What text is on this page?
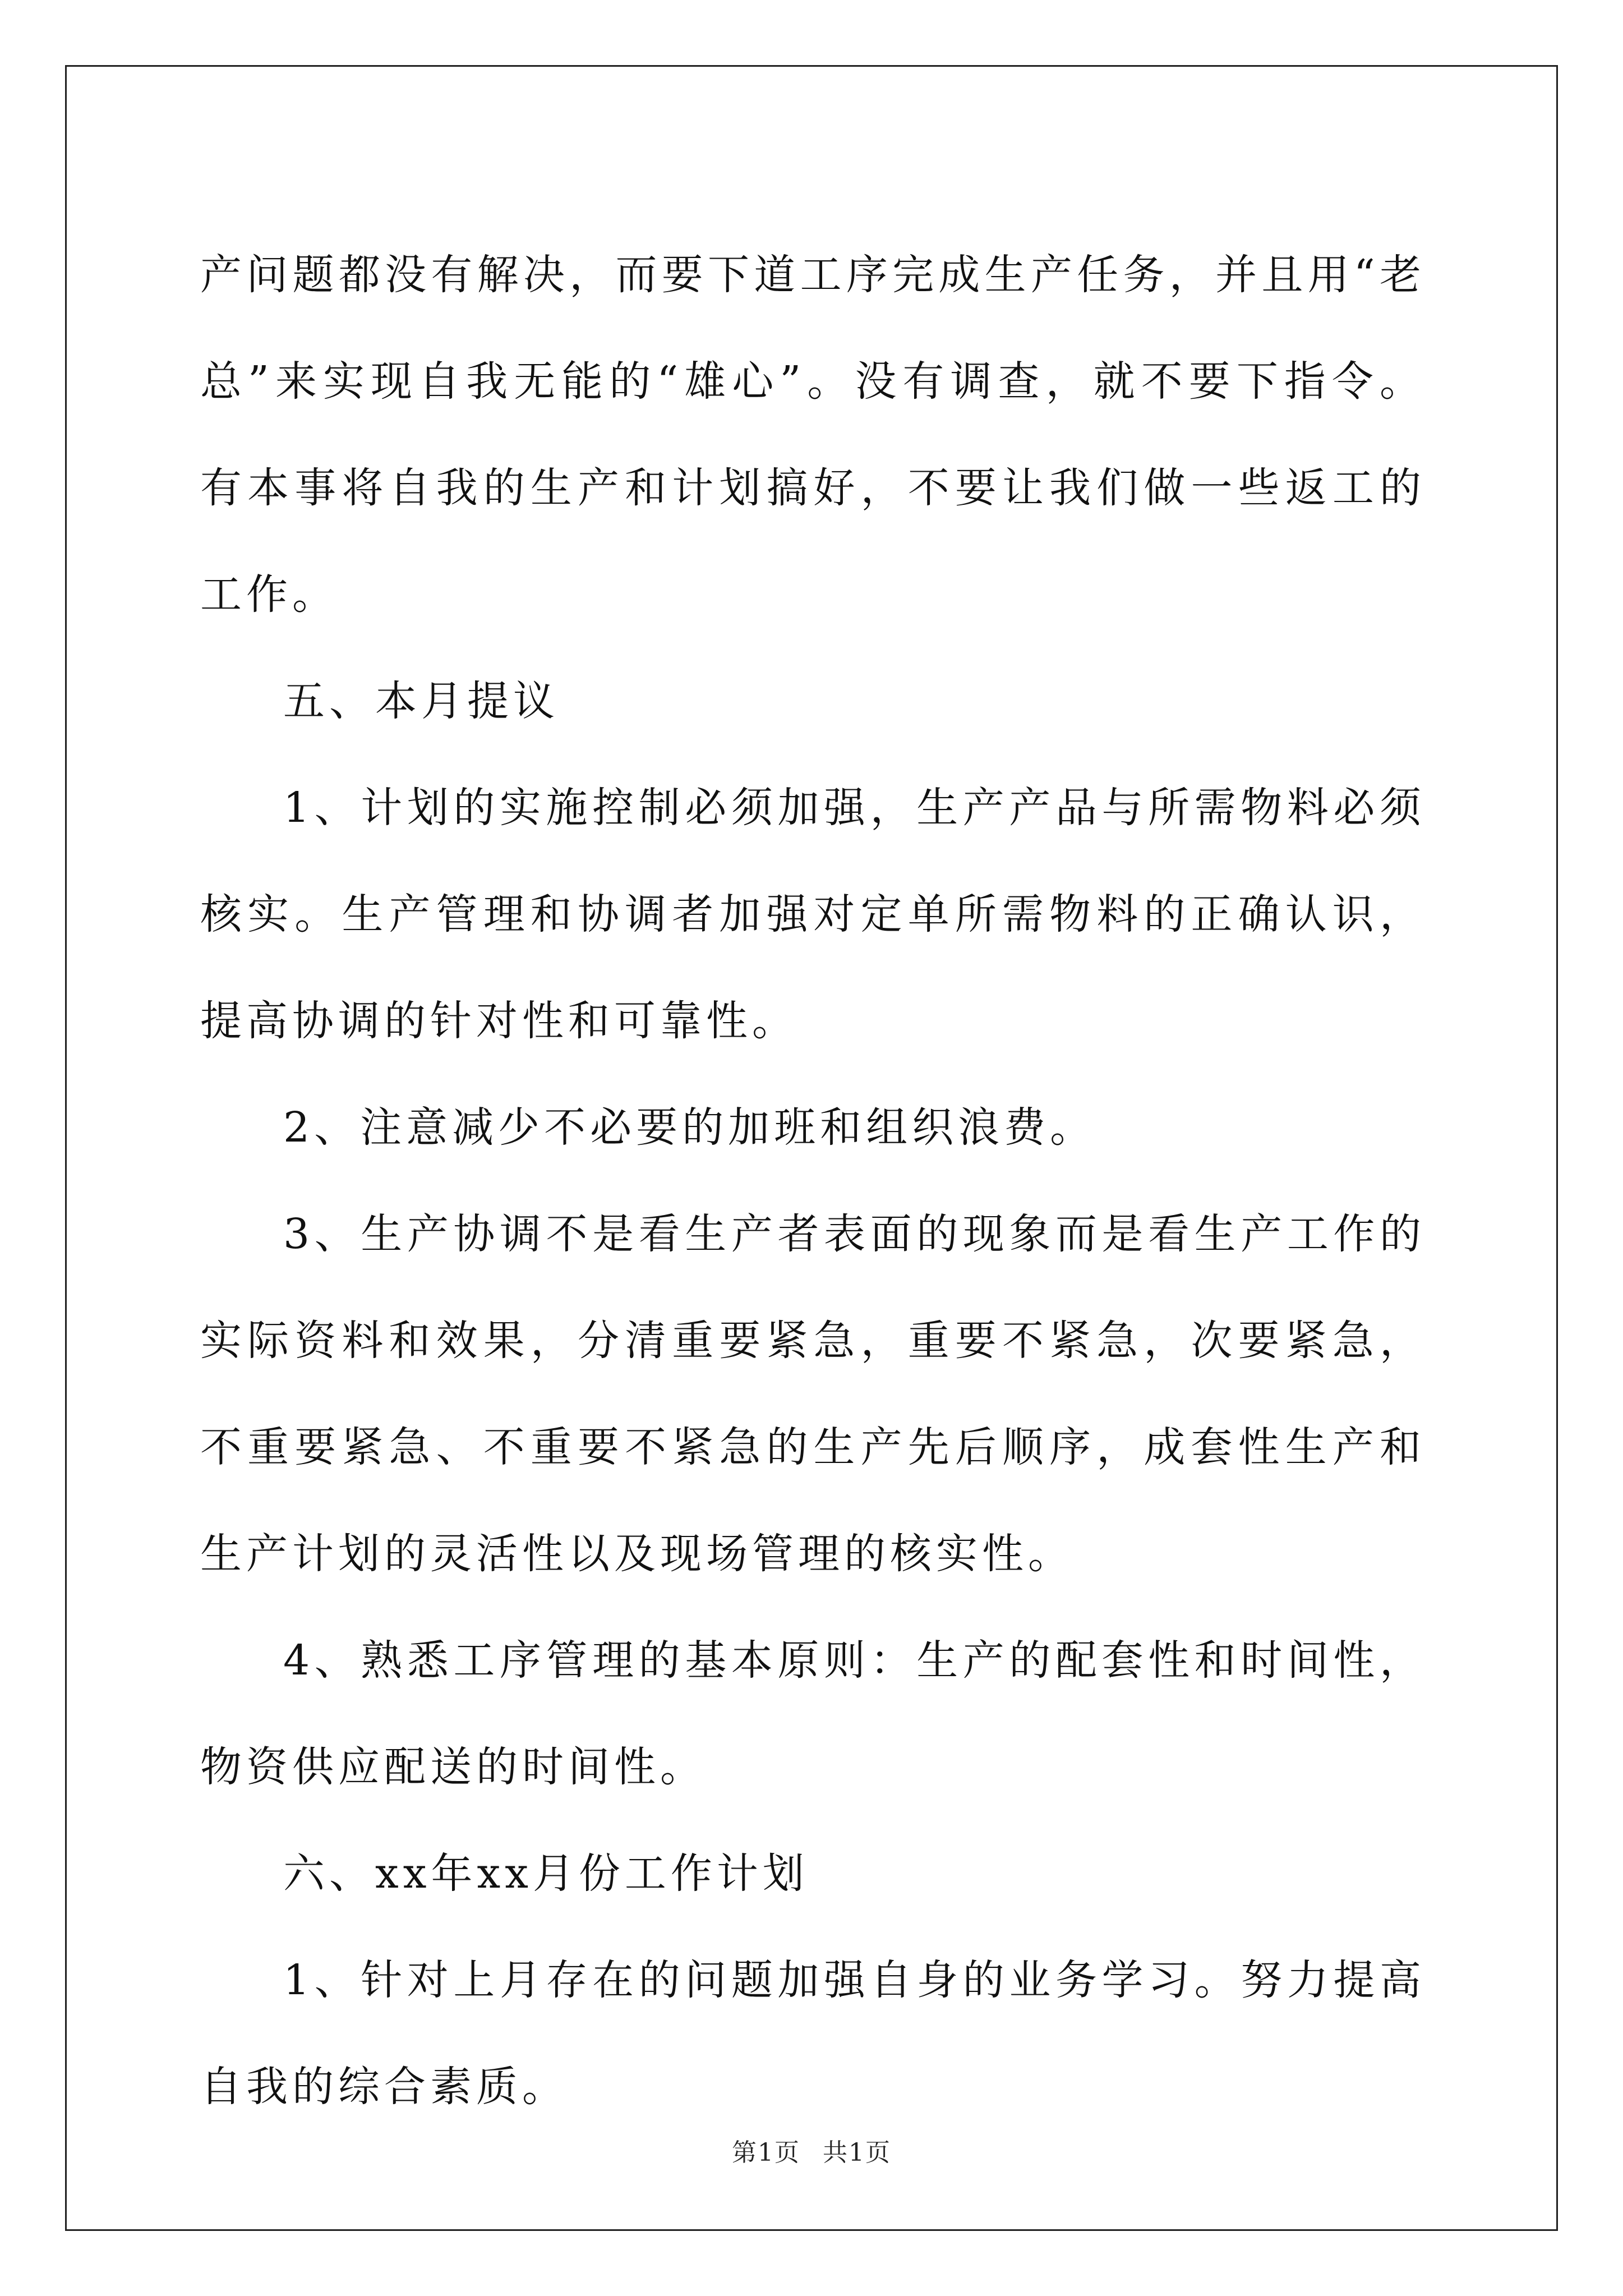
产问题都没有解决，而要下道工序完成生产任务，并且用“老总”来实现自我无能的“雄心”。没有调查，就不要下指令。有本事将自我的生产和计划搞好，不要让我们做一些返工的工作。

五、本月提议

1、计划的实施控制必须加强，生产产品与所需物料必须核实。生产管理和协调者加强对定单所需物料的正确认识，提高协调的针对性和可靠性。

2、注意减少不必要的加班和组织浪费。

3、生产协调不是看生产者表面的现象而是看生产工作的实际资料和效果，分清重要紧急，重要不紧急，次要紧急，不重要紧急、不重要不紧急的生产先后顺序，成套性生产和生产计划的灵活性以及现场管理的核实性。

4、熟悉工序管理的基本原则：生产的配套性和时间性，物资供应配送的时间性。

六、xx年xx月份工作计划

1、针对上月存在的问题加强自身的业务学习。努力提高自我的综合素质。

第1页 共1页
